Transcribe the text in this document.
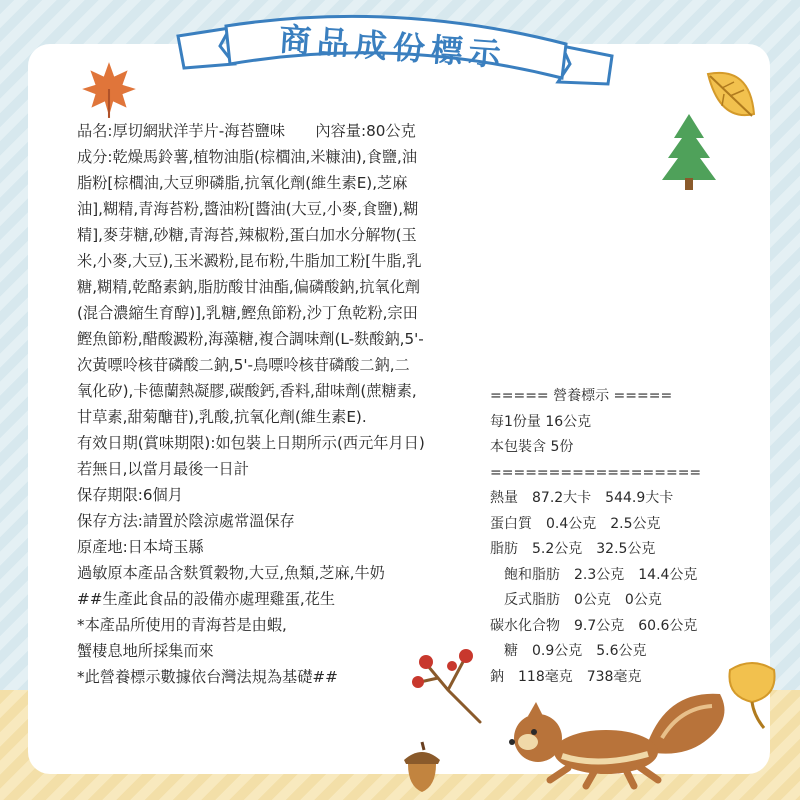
商品成份標示
品名:厚切網狀洋芋片-海苔鹽味　　內容量:80公克
成分:乾燥馬鈴薯,植物油脂(棕櫚油,米糠油),食鹽,油
脂粉[棕櫚油,大豆卵磷脂,抗氧化劑(維生素E),芝麻
油],糊精,青海苔粉,醬油粉[醬油(大豆,小麥,食鹽),糊
精],麥芽糖,砂糖,青海苔,辣椒粉,蛋白加水分解物(玉
米,小麥,大豆),玉米澱粉,昆布粉,牛脂加工粉[牛脂,乳
糖,糊精,乾酪素鈉,脂肪酸甘油酯,偏磷酸鈉,抗氧化劑
(混合濃縮生育醇)],乳糖,鰹魚節粉,沙丁魚乾粉,宗田
鰹魚節粉,醋酸澱粉,海藻糖,複合調味劑(L-麩酸鈉,5'-
次黃嘌呤核苷磷酸二鈉,5'-鳥嘌呤核苷磷酸二鈉,二
氧化矽),卡德蘭熱凝膠,碳酸鈣,香料,甜味劑(蔗糖素,
甘草素,甜菊醣苷),乳酸,抗氧化劑(維生素E).
有效日期(賞味期限):如包裝上日期所示(西元年月日)
若無日,以當月最後一日計
保存期限:6個月
保存方法:請置於陰涼處常溫保存
原產地:日本埼玉縣
過敏原本產品含麩質穀物,大豆,魚類,芝麻,牛奶
##生產此食品的設備亦處理雞蛋,花生
*本產品所使用的青海苔是由蝦,
蟹棲息地所採集而來
*此營養標示數據依台灣法規為基礎##
===== 營養標示 =====
每1份量 16公克
本包裝含 5份
==================
熱量　87.2大卡　544.9大卡
蛋白質　0.4公克　2.5公克
脂肪　5.2公克　32.5公克
　飽和脂肪　2.3公克　14.4公克
　反式脂肪　0公克　0公克
碳水化合物　9.7公克　60.6公克
　糖　0.9公克　5.6公克
鈉　118毫克　738毫克
